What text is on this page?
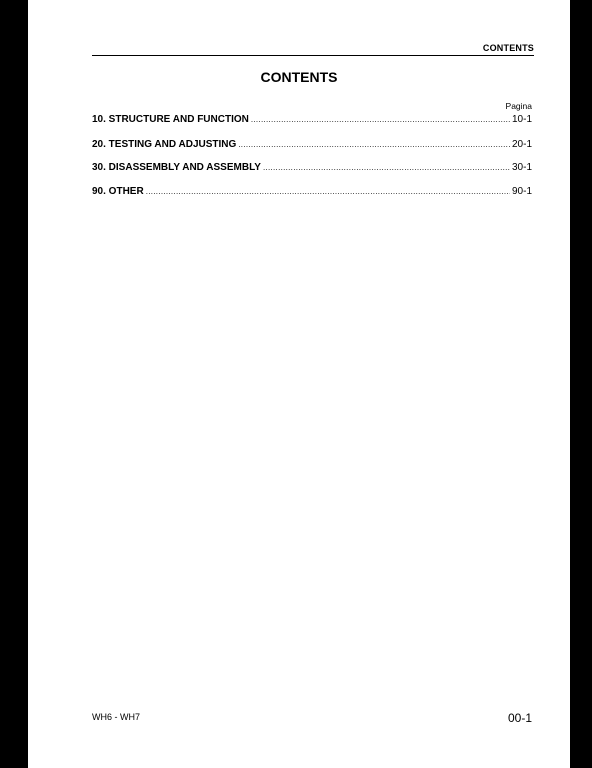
CONTENTS
CONTENTS
Pagina
10. STRUCTURE AND FUNCTION .....	10-1
20. TESTING AND ADJUSTING .....	20-1
30. DISASSEMBLY AND ASSEMBLY .....	30-1
90. OTHER .....	90-1
WH6 - WH7	00-1
